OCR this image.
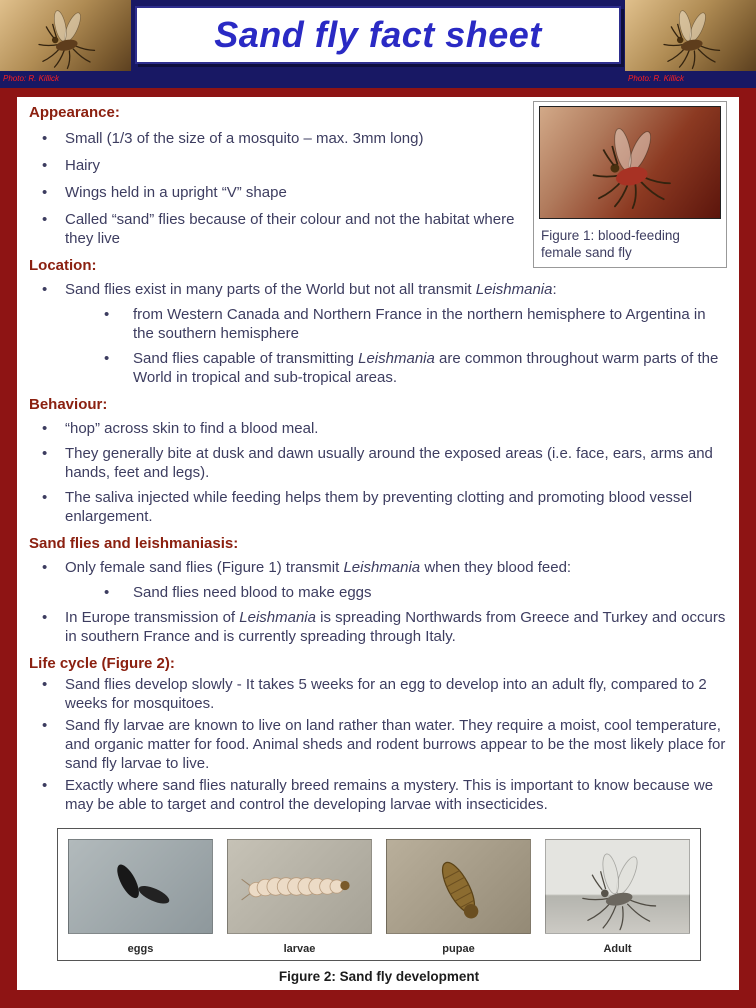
Photo: R. Killick
Sand fly fact sheet
Photo: R. Killick
Figure 1: blood-feeding female sand fly
Appearance:
• Small (1/3 of the size of a mosquito – max. 3mm long)
• Hairy
• Wings held in a upright “V” shape
• Called “sand” flies because of their colour and not the habitat where they live
Location:
• Sand flies exist in many parts of the World but not all transmit Leishmania:
• from Western Canada and Northern France in the northern hemisphere to Argentina in the southern hemisphere
• Sand flies capable of transmitting Leishmania are common throughout warm parts of the World in tropical and sub-tropical areas.
Behaviour:
• “hop” across skin to find a blood meal.
• They generally bite at dusk and dawn usually around the exposed areas (i.e. face, ears, arms and hands, feet and legs).
• The saliva injected while feeding helps them by preventing clotting and promoting blood vessel enlargement.
Sand flies and leishmaniasis:
• Only female sand flies (Figure 1) transmit Leishmania when they blood feed:
• Sand flies need blood to make eggs
• In Europe transmission of Leishmania is spreading Northwards from Greece and Turkey and occurs in southern France and is currently spreading through Italy.
Life cycle (Figure 2):
• Sand flies develop slowly - It takes 5 weeks for an egg to develop into an adult fly, compared to 2 weeks for mosquitoes.
• Sand fly larvae are known to live on land rather than water. They require a moist, cool temperature, and organic matter for food. Animal sheds and rodent burrows appear to be the most likely place for sand fly larvae to live.
• Exactly where sand flies naturally breed remains a mystery. This is important to know because we may be able to target and control the developing larvae with insecticides.
eggs	larvae	pupae	Adult
Figure 2: Sand fly development
